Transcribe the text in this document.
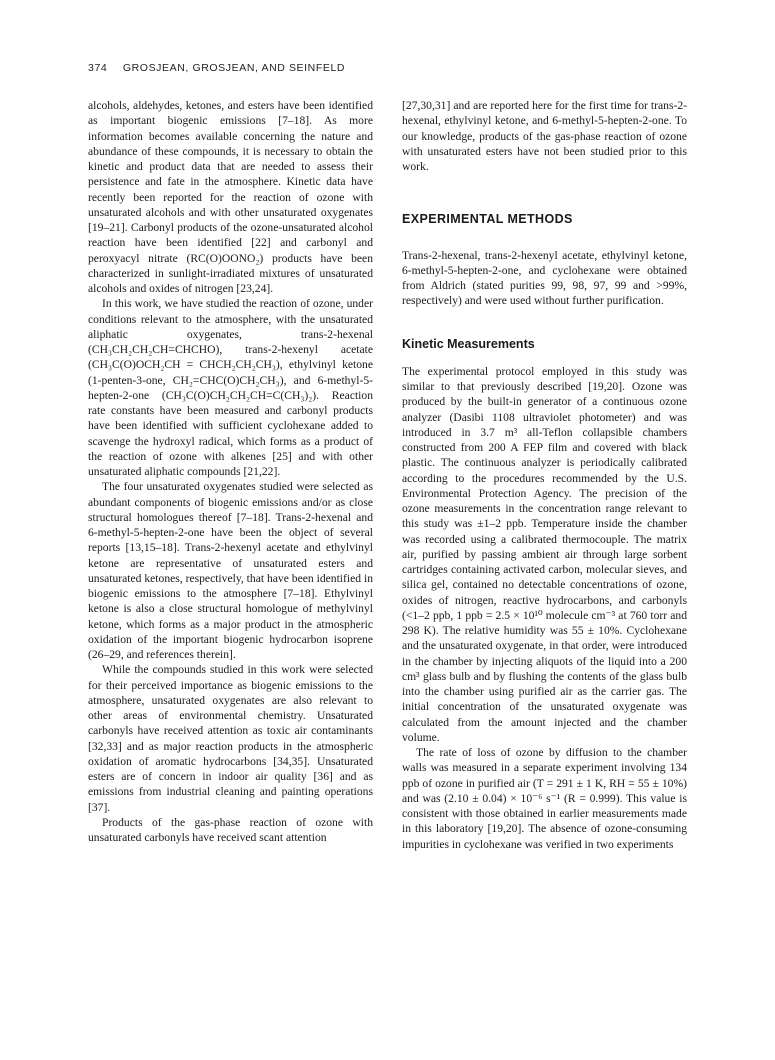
374 GROSJEAN, GROSJEAN, AND SEINFELD

alcohols, aldehydes, ketones, and esters have been identified as important biogenic emissions [7–18]. As more information becomes available concerning the nature and abundance of these compounds, it is necessary to obtain the kinetic and product data that are needed to assess their persistence and fate in the atmosphere. Kinetic data have recently been reported for the reaction of ozone with unsaturated alcohols and with other unsaturated oxygenates [19–21]. Carbonyl products of the ozone-unsaturated alcohol reaction have been identified [22] and carbonyl and peroxyacyl nitrate (RC(O)OONO₂) products have been characterized in sunlight-irradiated mixtures of unsaturated alcohols and oxides of nitrogen [23,24].

In this work, we have studied the reaction of ozone, under conditions relevant to the atmosphere, with the unsaturated aliphatic oxygenates, trans-2-hexenal (CH₃CH₂CH₂CH=CHCHO), trans-2-hexenyl acetate (CH₃C(O)OCH₂CH = CHCH₂CH₂CH₃), ethylvinyl ketone (1-penten-3-one, CH₂=CHC(O)CH₂CH₃), and 6-methyl-5-hepten-2-one (CH₃C(O)CH₂CH₂CH=C(CH₃)₂). Reaction rate constants have been measured and carbonyl products have been identified with sufficient cyclohexane added to scavenge the hydroxyl radical, which forms as a product of the reaction of ozone with alkenes [25] and with other unsaturated aliphatic compounds [21,22].

The four unsaturated oxygenates studied were selected as abundant components of biogenic emissions and/or as close structural homologues thereof [7–18]. Trans-2-hexenal and 6-methyl-5-hepten-2-one have been the object of several reports [13,15–18]. Trans-2-hexenyl acetate and ethylvinyl ketone are representative of unsaturated esters and unsaturated ketones, respectively, that have been identified in biogenic emissions to the atmosphere [7–18]. Ethylvinyl ketone is also a close structural homologue of methylvinyl ketone, which forms as a major product in the atmospheric oxidation of the important biogenic hydrocarbon isoprene (26–29, and references therein].

While the compounds studied in this work were selected for their perceived importance as biogenic emissions to the atmosphere, unsaturated oxygenates are also relevant to other areas of environmental chemistry. Unsaturated carbonyls have received attention as toxic air contaminants [32,33] and as major reaction products in the atmospheric oxidation of aromatic hydrocarbons [34,35]. Unsaturated esters are of concern in indoor air quality [36] and as emissions from industrial cleaning and painting operations [37].

Products of the gas-phase reaction of ozone with unsaturated carbonyls have received scant attention

[27,30,31] and are reported here for the first time for trans-2-hexenal, ethylvinyl ketone, and 6-methyl-5-hepten-2-one. To our knowledge, products of the gas-phase reaction of ozone with unsaturated esters have not been studied prior to this work.

EXPERIMENTAL METHODS

Trans-2-hexenal, trans-2-hexenyl acetate, ethylvinyl ketone, 6-methyl-5-hepten-2-one, and cyclohexane were obtained from Aldrich (stated purities 99, 98, 97, 99 and >99%, respectively) and were used without further purification.

Kinetic Measurements

The experimental protocol employed in this study was similar to that previously described [19,20]. Ozone was produced by the built-in generator of a continuous ozone analyzer (Dasibi 1108 ultraviolet photometer) and was introduced in 3.7 m³ all-Teflon collapsible chambers constructed from 200 A FEP film and covered with black plastic. The continuous analyzer is periodically calibrated according to the procedures recommended by the U.S. Environmental Protection Agency. The precision of the ozone measurements in the concentration range relevant to this study was ±1–2 ppb. Temperature inside the chamber was recorded using a calibrated thermocouple. The matrix air, purified by passing ambient air through large sorbent cartridges containing activated carbon, molecular sieves, and silica gel, contained no detectable concentrations of ozone, oxides of nitrogen, reactive hydrocarbons, and carbonyls (<1–2 ppb, 1 ppb = 2.5 × 10¹⁰ molecule cm⁻³ at 760 torr and 298 K). The relative humidity was 55 ± 10%. Cyclohexane and the unsaturated oxygenate, in that order, were introduced in the chamber by injecting aliquots of the liquid into a 200 cm³ glass bulb and by flushing the contents of the glass bulb into the chamber using purified air as the carrier gas. The initial concentration of the unsaturated oxygenate was calculated from the amount injected and the chamber volume.

The rate of loss of ozone by diffusion to the chamber walls was measured in a separate experiment involving 134 ppb of ozone in purified air (T = 291 ± 1 K, RH = 55 ± 10%) and was (2.10 ± 0.04) × 10⁻⁶ s⁻¹ (R = 0.999). This value is consistent with those obtained in earlier measurements made in this laboratory [19,20]. The absence of ozone-consuming impurities in cyclohexane was verified in two experiments
